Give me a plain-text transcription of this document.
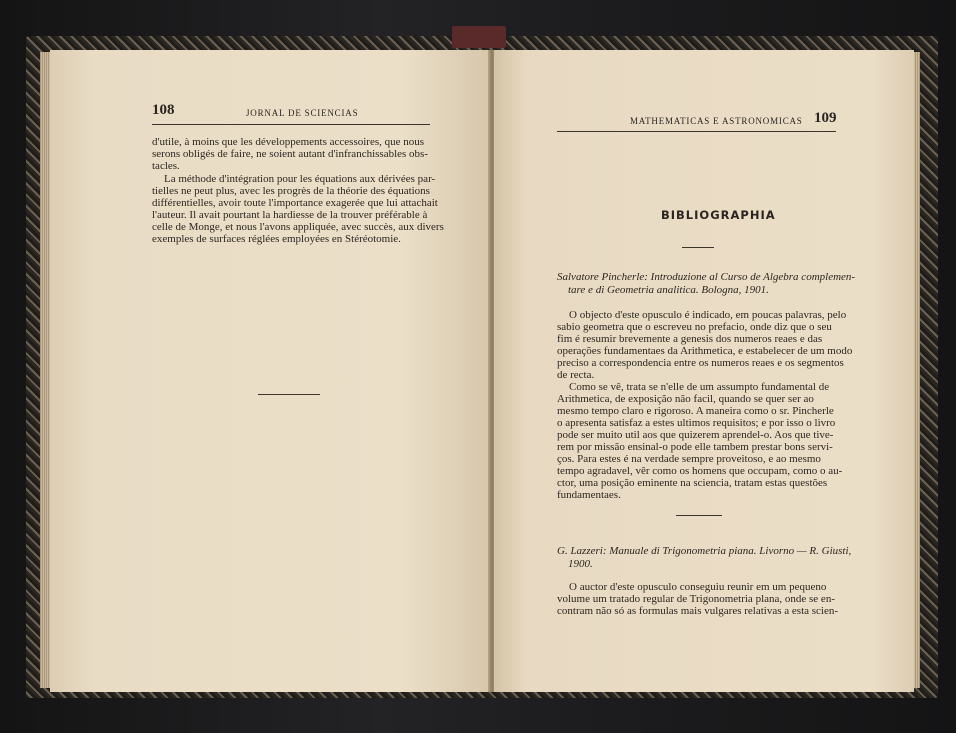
108	JORNAL DE SCIENCIAS
d'utile, à moins que les développements accessoires, que nous
serons obligés de faire, ne soient autant d'infranchissables obs-
tacles.
La méthode d'intégration pour les équations aux dérivées par-
tielles ne peut plus, avec les progrès de la théorie des équations
différentielles, avoir toute l'importance exagerée que lui attachait
l'auteur. Il avait pourtant la hardiesse de la trouver préférable à
celle de Monge, et nous l'avons appliquée, avec succès, aux divers
exemples de surfaces réglées employées en Stéréotomie.
MATHEMATICAS E ASTRONOMICAS 109
BIBLIOGRAPHIA
Salvatore Pincherle: Introduzione al Curso de Algebra complemen-
tare e di Geometria analitica. Bologna, 1901.
O objecto d'este opusculo é indicado, em poucas palavras, pelo
sabio geometra que o escreveu no prefacio, onde diz que o seu
fim é resumir brevemente a genesis dos numeros reaes e das
operações fundamentaes da Arithmetica, e estabelecer de um modo
preciso a correspondencia entre os numeros reaes e os segmentos
de recta.
Como se vê, trata se n'elle de um assumpto fundamental de
Arithmetica, de exposição não facil, quando se quer ser ao
mesmo tempo claro e rigoroso. A maneira como o sr. Pincherle
o apresenta satisfaz a estes ultimos requisitos; e por isso o livro
pode ser muito util aos que quizerem aprendel-o. Aos que tive-
rem por missão ensinal-o pode elle tambem prestar bons servi-
ços. Para estes é na verdade sempre proveitoso, e ao mesmo
tempo agradavel, vêr como os homens que occupam, como o au-
ctor, uma posição eminente na sciencia, tratam estas questões
fundamentaes.
G. Lazzeri: Manuale di Trigonometria piana. Livorno — R. Giusti,
1900.
O auctor d'este opusculo conseguiu reunir em um pequeno
volume um tratado regular de Trigonometria plana, onde se en-
contram não só as formulas mais vulgares relativas a esta scien-
